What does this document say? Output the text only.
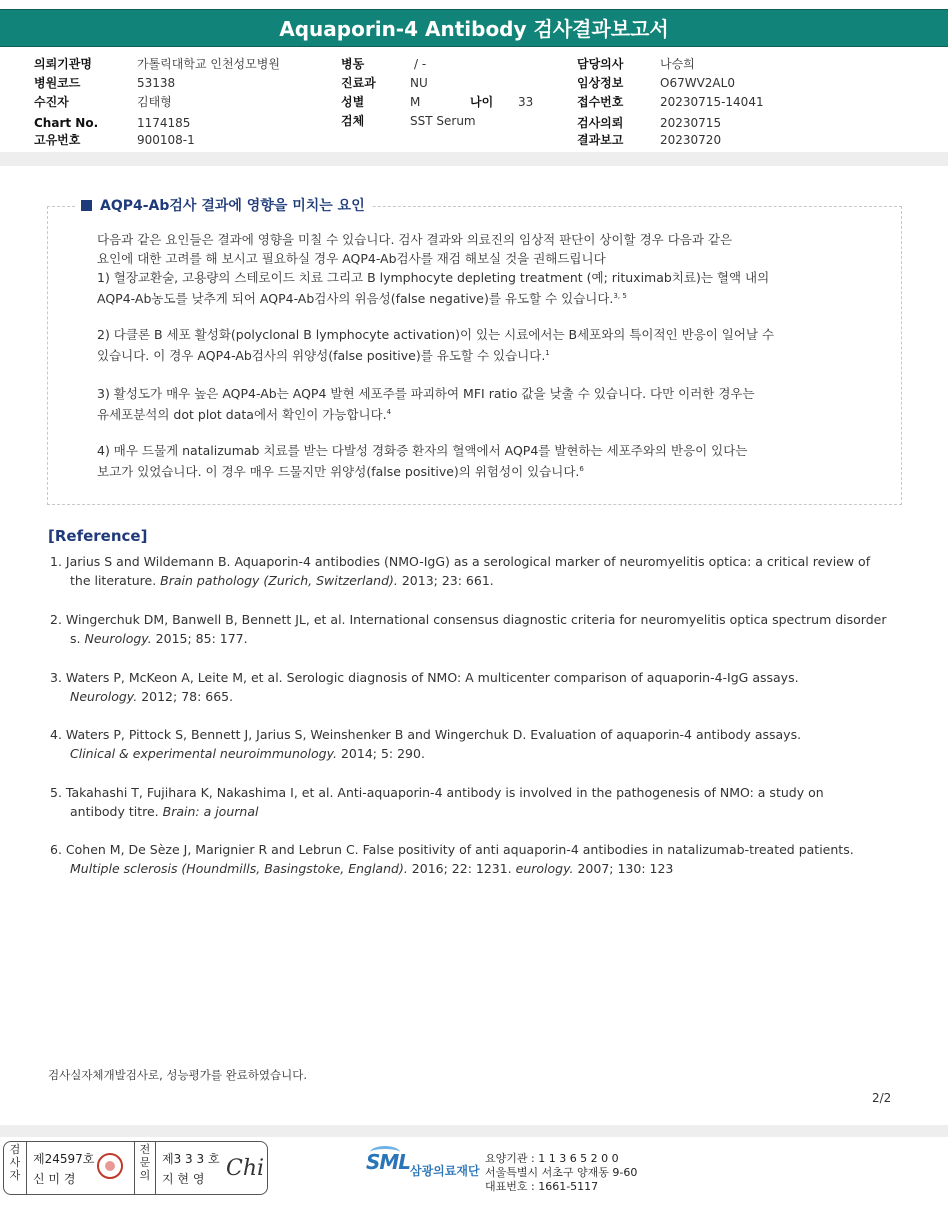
Aquaporin-4 Antibody 검사결과보고서
의뢰기관명	가톨릭대학교 인천성모병원
병원코드	53138
수진자	김태형
Chart No.	1174185
고유번호	900108-1
병동	/ -
진료과	NU
성별	M	나이 33
검체	SST Serum
담당의사	나승희
임상정보	O67WV2AL0
접수번호	20230715-14041
검사의뢰	20230715
결과보고	20230720
AQP4-Ab검사 결과에 영향을 미치는 요인

다음과 같은 요인들은 결과에 영향을 미칠 수 있습니다. 검사 결과와 의료진의 임상적 판단이 상이할 경우 다음과 같은

요인에 대한 고려를 해 보시고 필요하실 경우 AQP4-Ab검사를 재검 해보실 것을 권해드립니다

1) 혈장교환술, 고용량의 스테로이드 치료 그리고 B lymphocyte depleting treatment (예; rituximab치료)는 혈액 내의

AQP4-Ab농도를 낮추게 되어 AQP4-Ab검사의 위음성(false negative)를 유도할 수 있습니다.$^{3, 5}$

2) 다클론 B 세포 활성화(polyclonal B lymphocyte activation)이 있는 시료에서는 B세포와의 특이적인 반응이 일어날 수

있습니다. 이 경우 AQP4-Ab검사의 위양성(false positive)를 유도할 수 있습니다.$^1$

3) 활성도가 매우 높은 AQP4-Ab는 AQP4 발현 세포주를 파괴하여 MFI ratio 값을 낮출 수 있습니다. 다만 이러한 경우는

유세포분석의 dot plot data에서 확인이 가능합니다.$^4$

4) 매우 드물게 natalizumab 치료를 받는 다발성 경화증 환자의 혈액에서 AQP4를 발현하는 세포주와의 반응이 있다는

보고가 있었습니다. 이 경우 매우 드물지만 위양성(false positive)의 위험성이 있습니다.$^6$

[Reference]
1. Jarius S and Wildemann B. Aquaporin-4 antibodies (NMO-IgG) as a serological marker of neuromyelitis optica: a critical review of
the literature. Brain pathology (Zurich, Switzerland). 2013; 23: 661.
2. Wingerchuk DM, Banwell B, Bennett JL, et al. International consensus diagnostic criteria for neuromyelitis optica spectrum disorder
s. Neurology. 2015; 85: 177.
3. Waters P, McKeon A, Leite M, et al. Serologic diagnosis of NMO: A multicenter comparison of aquaporin-4-IgG assays.
Neurology. 2012; 78: 665.
4. Waters P, Pittock S, Bennett J, Jarius S, Weinshenker B and Wingerchuk D. Evaluation of aquaporin-4 antibody assays.
Clinical & experimental neuroimmunology. 2014; 5: 290.
5. Takahashi T, Fujihara K, Nakashima I, et al. Anti-aquaporin-4 antibody is involved in the pathogenesis of NMO: a study on
antibody titre. Brain: a journal
6. Cohen M, De Sèze J, Marignier R and Lebrun C. False positivity of anti aquaporin-4 antibodies in natalizumab-treated patients.
Multiple sclerosis (Houndmills, Basingstoke, England). 2016; 22: 1231. eurology. 2007; 130: 123
검사실자체개발검사로, 성능평가를 완료하였습니다.
2/2
검
사
자
제24597호
신 미 경
전
문
의
제3 3 3 호
지 현 영 Chi	SML 삼광의료재단
요양기관 : 1 1 3 6 5 2 0 0
서울특별시 서초구 양재동 9-60
대표번호 : 1661-5117
